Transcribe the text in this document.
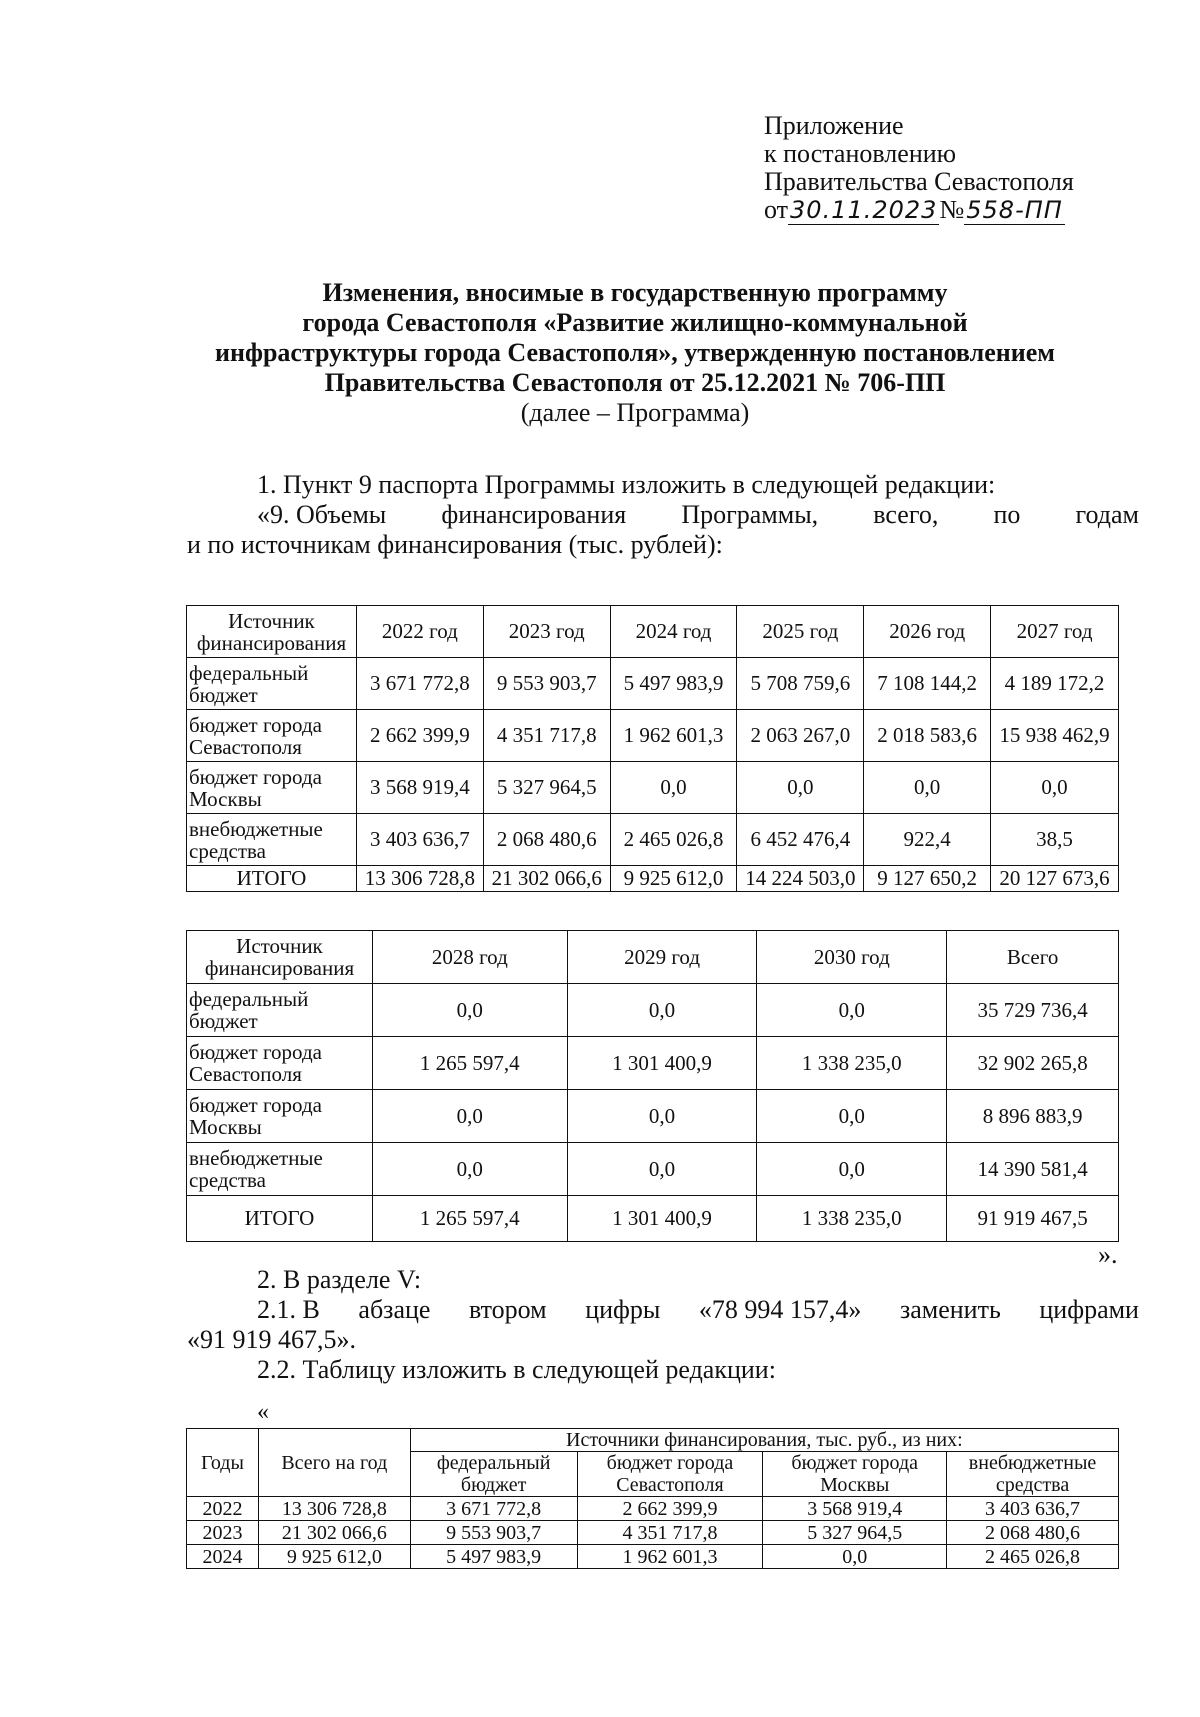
Приложение
к постановлению
Правительства Севастополя
от30.11.2023№558-ПП
Изменения, вносимые в государственную программу
города Севастополя «Развитие жилищно-коммунальной
инфраструктуры города Севастополя», утвержденную постановлением
Правительства Севастополя от 25.12.2021 № 706-ПП
(далее – Программа)
1. Пункт 9 паспорта Программы изложить в следующей редакции:
«9. Объемы финансирования Программы, всего, по годам
и по источникам финансирования (тыс. рублей):
Источник финансирования	2022 год	2023 год	2024 год	2025 год	2026 год	2027 год
федеральный бюджет	3 671 772,8	9 553 903,7	5 497 983,9	5 708 759,6	7 108 144,2	4 189 172,2
бюджет города Севастополя	2 662 399,9	4 351 717,8	1 962 601,3	2 063 267,0	2 018 583,6	15 938 462,9
бюджет города Москвы	3 568 919,4	5 327 964,5	0,0	0,0	0,0	0,0
внебюджетные средства	3 403 636,7	2 068 480,6	2 465 026,8	6 452 476,4	922,4	38,5
ИТОГО	13 306 728,8	21 302 066,6	9 925 612,0	14 224 503,0	9 127 650,2	20 127 673,6
Источник финансирования	2028 год	2029 год	2030 год	Всего
федеральный бюджет	0,0	0,0	0,0	35 729 736,4
бюджет города Севастополя	1 265 597,4	1 301 400,9	1 338 235,0	32 902 265,8
бюджет города Москвы	0,0	0,0	0,0	8 896 883,9
внебюджетные средства	0,0	0,0	0,0	14 390 581,4
ИТОГО	1 265 597,4	1 301 400,9	1 338 235,0	91 919 467,5
».
2. В разделе V:
2.1. В абзаце втором цифры «78 994 157,4» заменить цифрами
«91 919 467,5».
2.2. Таблицу изложить в следующей редакции:
«
Годы	Всего на год	Источники финансирования, тыс. руб., из них:			
		федеральный бюджет	бюджет города Севастополя	бюджет города Москвы	внебюджетные средства
2022	13 306 728,8	3 671 772,8	2 662 399,9	3 568 919,4	3 403 636,7
2023	21 302 066,6	9 553 903,7	4 351 717,8	5 327 964,5	2 068 480,6
2024	9 925 612,0	5 497 983,9	1 962 601,3	0,0	2 465 026,8
